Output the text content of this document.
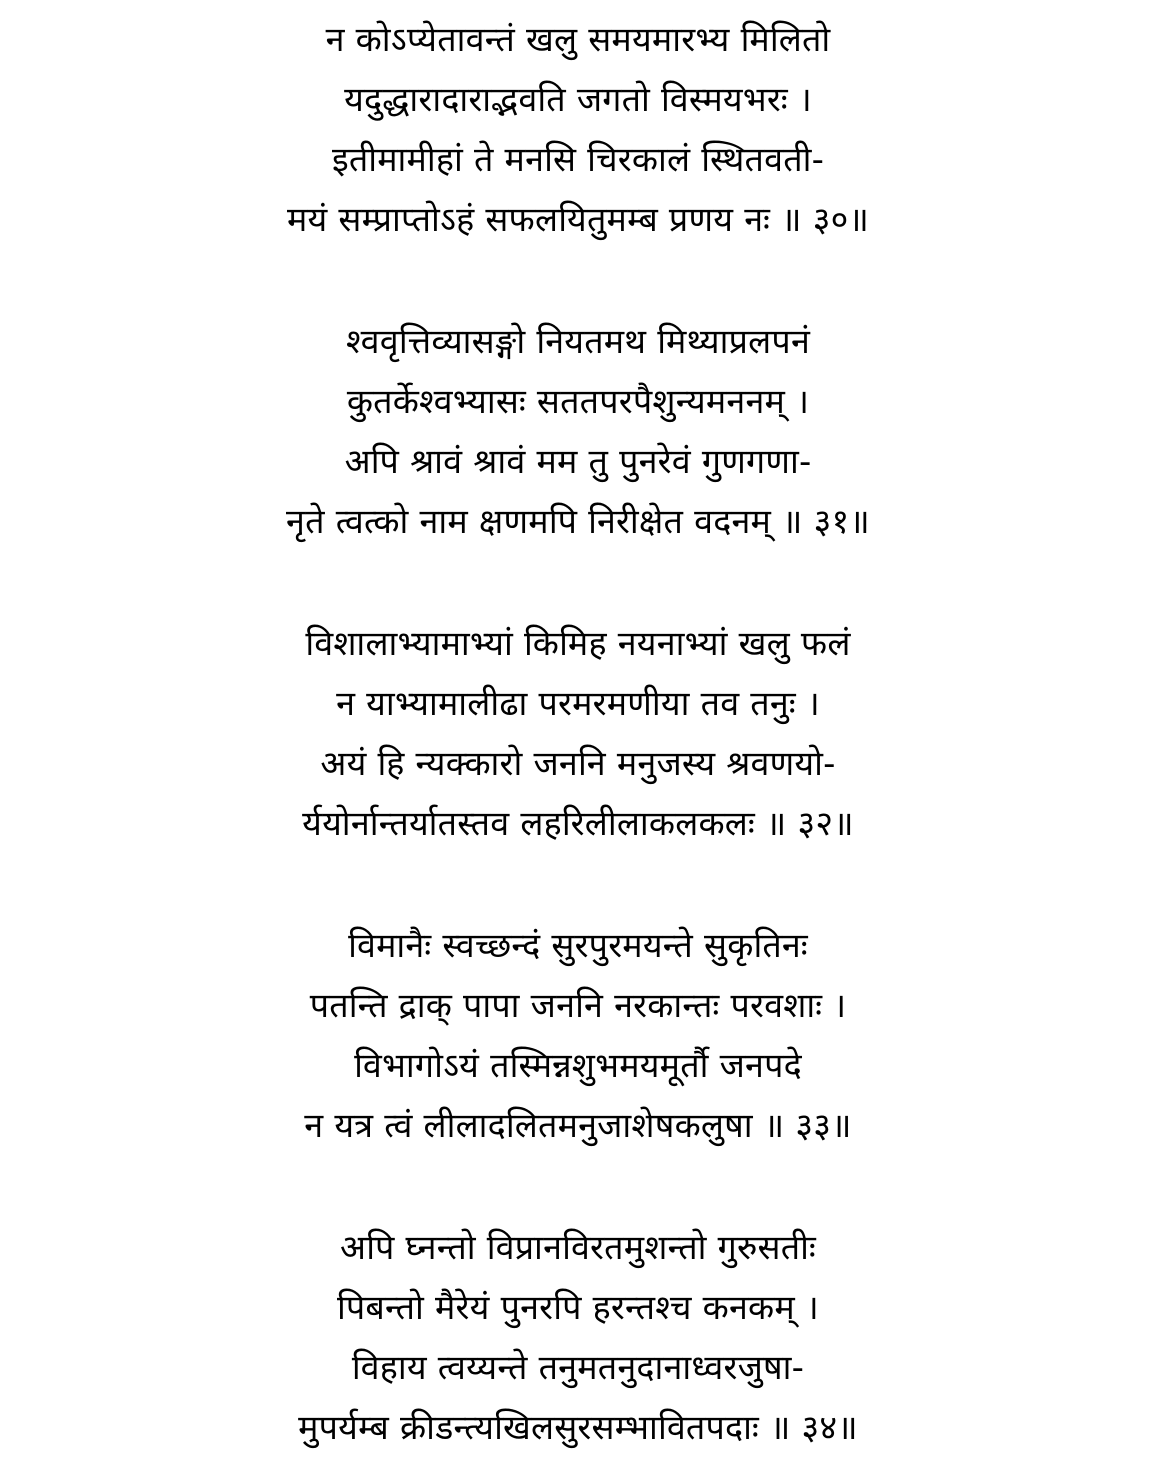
न कोऽप्येतावन्तं खलु समयमारभ्य मिलितो
यदुद्धारादाराद्भवति जगतो विस्मयभरः ।
इतीमामीहां ते मनसि चिरकालं स्थितवती-
मयं सम्प्राप्तोऽहं सफलयितुमम्ब प्रणय नः ॥ ३०॥
श्ववृत्तिव्यासङ्गो नियतमथ मिथ्याप्रलपनं
कुतर्केश्वभ्यासः सततपरपैशुन्यमननम् ।
अपि श्रावं श्रावं मम तु पुनरेवं गुणगणा-
नृते त्वत्को नाम क्षणमपि निरीक्षेत वदनम् ॥ ३१॥
विशालाभ्यामाभ्यां किमिह नयनाभ्यां खलु फलं
न याभ्यामालीढा परमरमणीया तव तनुः ।
अयं हि न्यक्कारो जननि मनुजस्य श्रवणयो-
र्ययोर्नान्तर्यातस्तव लहरिलीलाकलकलः ॥ ३२॥
विमानैः स्वच्छन्दं सुरपुरमयन्ते सुकृतिनः
पतन्ति द्राक् पापा जननि नरकान्तः परवशाः ।
विभागोऽयं तस्मिन्नशुभमयमूर्तौ जनपदे
न यत्र त्वं लीलादलितमनुजाशेषकलुषा ॥ ३३॥
अपि घ्नन्तो विप्रानविरतमुशन्तो गुरुसतीः
पिबन्तो मैरेयं पुनरपि हरन्तश्च कनकम् ।
विहाय त्वय्यन्ते तनुमतनुदानाध्वरजुषा-
मुपर्यम्ब क्रीडन्त्यखिलसुरसम्भावितपदाः ॥ ३४॥
